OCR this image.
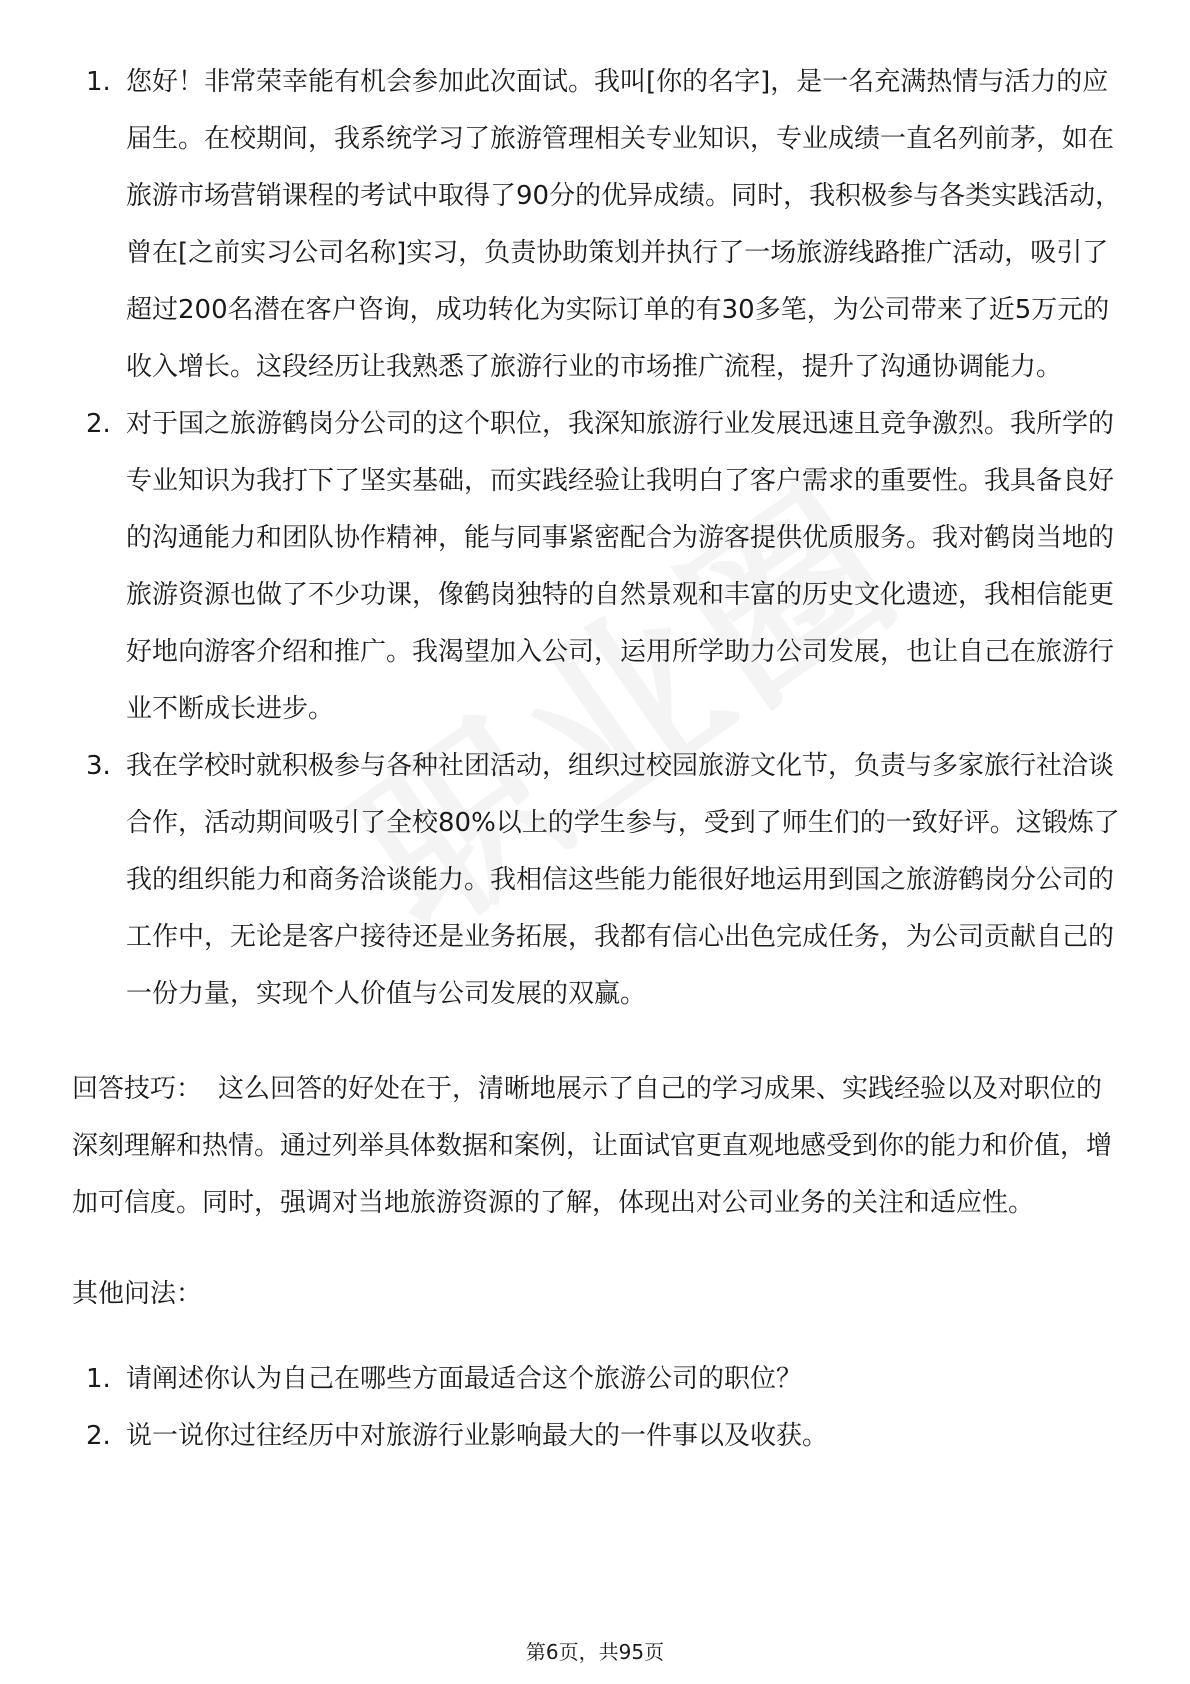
1. 您好！非常荣幸能有机会参加此次面试。我叫[你的名字]，是一名充满热情与活力的应届生。在校期间，我系统学习了旅游管理相关专业知识，专业成绩一直名列前茅，如在旅游市场营销课程的考试中取得了90分的优异成绩。同时，我积极参与各类实践活动，曾在[之前实习公司名称]实习，负责协助策划并执行了一场旅游线路推广活动，吸引了超过200名潜在客户咨询，成功转化为实际订单的有30多笔，为公司带来了近5万元的收入增长。这段经历让我熟悉了旅游行业的市场推广流程，提升了沟通协调能力。
2. 对于国之旅游鹤岗分公司的这个职位，我深知旅游行业发展迅速且竞争激烈。我所学的专业知识为我打下了坚实基础，而实践经验让我明白了客户需求的重要性。我具备良好的沟通能力和团队协作精神，能与同事紧密配合为游客提供优质服务。我对鹤岗当地的旅游资源也做了不少功课，像鹤岗独特的自然景观和丰富的历史文化遗迹，我相信能更好地向游客介绍和推广。我渴望加入公司，运用所学助力公司发展，也让自己在旅游行业不断成长进步。
3. 我在学校时就积极参与各种社团活动，组织过校园旅游文化节，负责与多家旅行社洽谈合作，活动期间吸引了全校80%以上的学生参与，受到了师生们的一致好评。这锻炼了我的组织能力和商务洽谈能力。我相信这些能力能很好地运用到国之旅游鹤岗分公司的工作中，无论是客户接待还是业务拓展，我都有信心出色完成任务，为公司贡献自己的一份力量，实现个人价值与公司发展的双赢。
回答技巧： 这么回答的好处在于，清晰地展示了自己的学习成果、实践经验以及对职位的深刻理解和热情。通过列举具体数据和案例，让面试官更直观地感受到你的能力和价值，增加可信度。同时，强调对当地旅游资源的了解，体现出对公司业务的关注和适应性。
其他问法：
1. 请阐述你认为自己在哪些方面最适合这个旅游公司的职位？
2. 说一说你过往经历中对旅游行业影响最大的一件事以及收获。
第6页，共95页
